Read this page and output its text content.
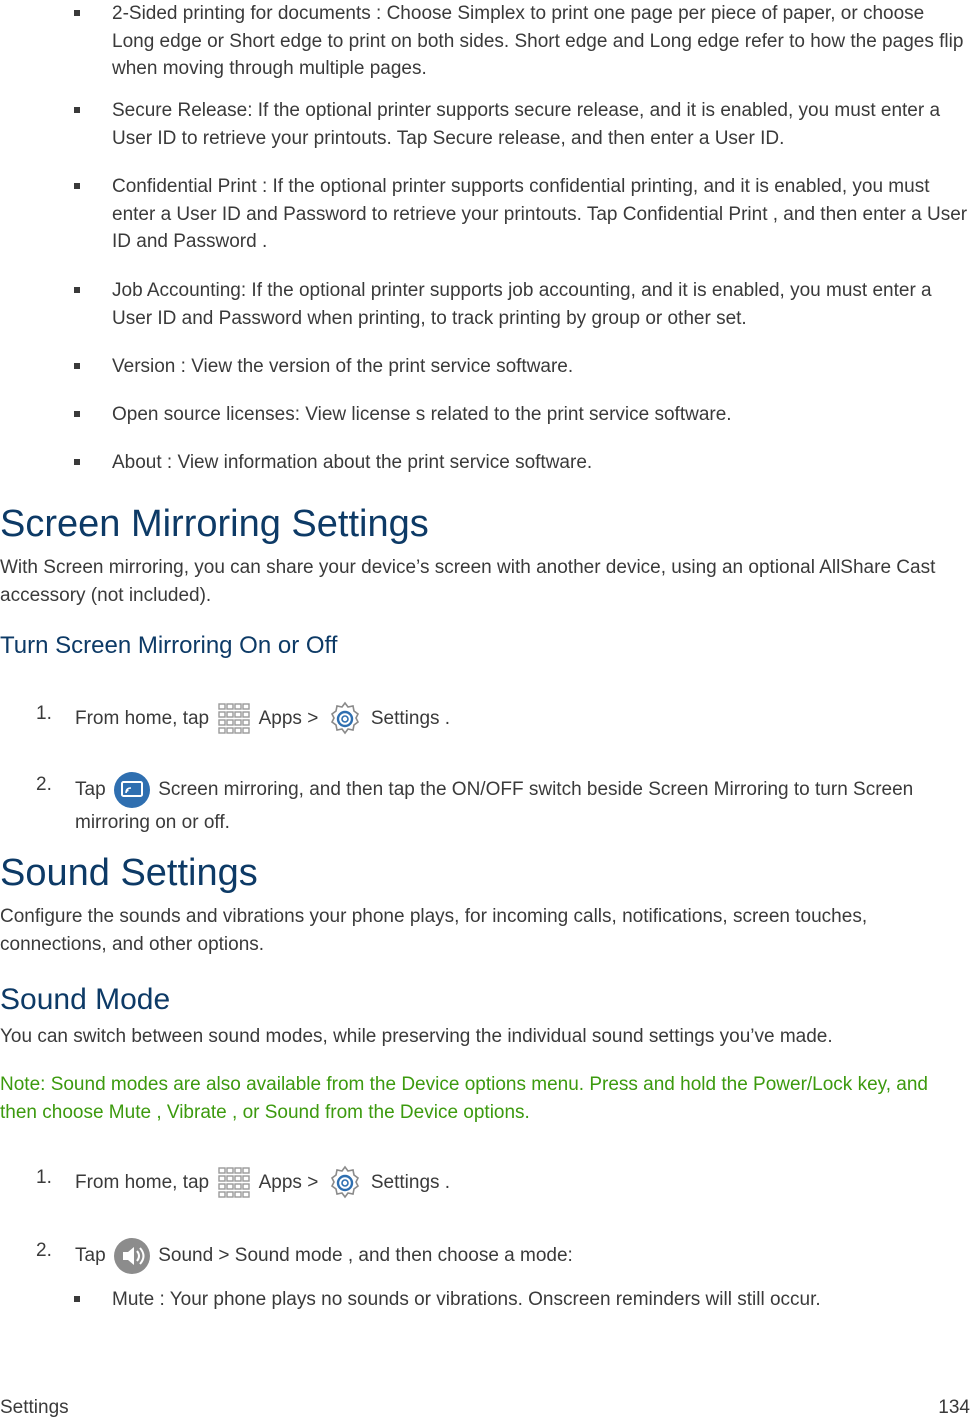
2-Sided printing for documents : Choose Simplex to print one page per piece of paper, or choose Long edge or Short edge to print on both sides. Short edge and Long edge refer to how the pages flip when moving through multiple pages.
Secure Release: If the optional printer supports secure release, and it is enabled, you must enter a User ID to retrieve your printouts. Tap Secure release, and then enter a User ID.
Confidential Print : If the optional printer supports confidential printing, and it is enabled, you must enter a User ID and Password to retrieve your printouts. Tap Confidential Print , and then enter a User ID and Password .
Job Accounting: If the optional printer supports job accounting, and it is enabled, you must enter a User ID and Password when printing, to track printing by group or other set.
Version : View the version of the print service software.
Open source licenses: View license s related to the print service software.
About : View information about the print service software.
Screen Mirroring Settings
With Screen mirroring, you can share your device’s screen with another device, using an optional AllShare Cast accessory (not included).
Turn Screen Mirroring On or Off
1. From home, tap  Apps >  Settings .
2. Tap  Screen mirroring, and then tap the ON/OFF switch beside Screen Mirroring to turn Screen mirroring on or off.
Sound Settings
Configure the sounds and vibrations your phone plays, for incoming calls, notifications, screen touches, connections, and other options.
Sound Mode
You can switch between sound modes, while preserving the individual sound settings you’ve made.
Note: Sound modes are also available from the Device options menu. Press and hold the Power/Lock key, and then choose Mute , Vibrate , or Sound from the Device options.
1. From home, tap  Apps >  Settings .
2. Tap  Sound > Sound mode , and then choose a mode:
Mute : Your phone plays no sounds or vibrations. Onscreen reminders will still occur.
Settings	134
